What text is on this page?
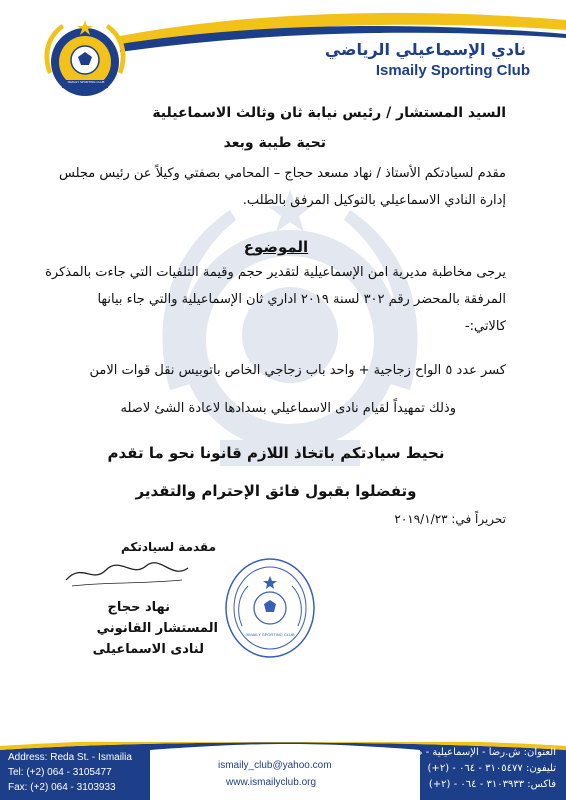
ISMAILY SPORTING CLUB
نادي الإسماعيلي الرياضي
Ismaily Sporting Club
السيد المستشار / رئيس نيابة ثان وثالث الاسماعيلية
تحية طيبة وبعد
مقدم لسيادتكم الأستاذ / نهاد مسعد حجاج – المحامي بصفتي وكيلاً عن رئيس مجلس
إدارة النادي الاسماعيلي بالتوكيل المرفق بالطلب.
الموضوع
يرجى مخاطبة مديرية امن الإسماعيلية لتقدير حجم وقيمة التلفيات التي جاءت بالمذكرة
المرفقة بالمحضر رقم ٣٠٢ لسنة ٢٠١٩ اداري ثان الإسماعيلية والتي جاء بيانها
كالاتي:-
كسر عدد ٥ الواح زجاجية + واحد باب زجاجي الخاص باتوبيس نقل قوات الامن
وذلك تمهيداً لقيام نادى الاسماعيلي بسدادها لاعادة الشئ لاصله
نحيط سيادتكم باتخاذ اللازم قانونا نحو ما تقدم
وتفضلوا بقبول فائق الإحترام والتقدير
تحريراً في: ٢٠١٩/١/٢٣
مقدمة لسيادتكم
نهاد حجاج
المستشار القانوني
لنادى الاسماعيلى
ISMAILY SPORTING CLUB
Address: Reda St. - Ismailia
Tel: (+2) 064 - 3105477
Fax: (+2) 064 - 3103933
ismaily_club@yahoo.com
www.ismailyclub.org
العنوان: ش.رضا - الإسماعيلية - ص.ب ٦٨
تليفون: ٣١٠٥٤٧٧ - ٠٦٤ - (٢+)
فاكس: ٣١٠٣٩٣٣ - ٠٦٤ - (٢+)
